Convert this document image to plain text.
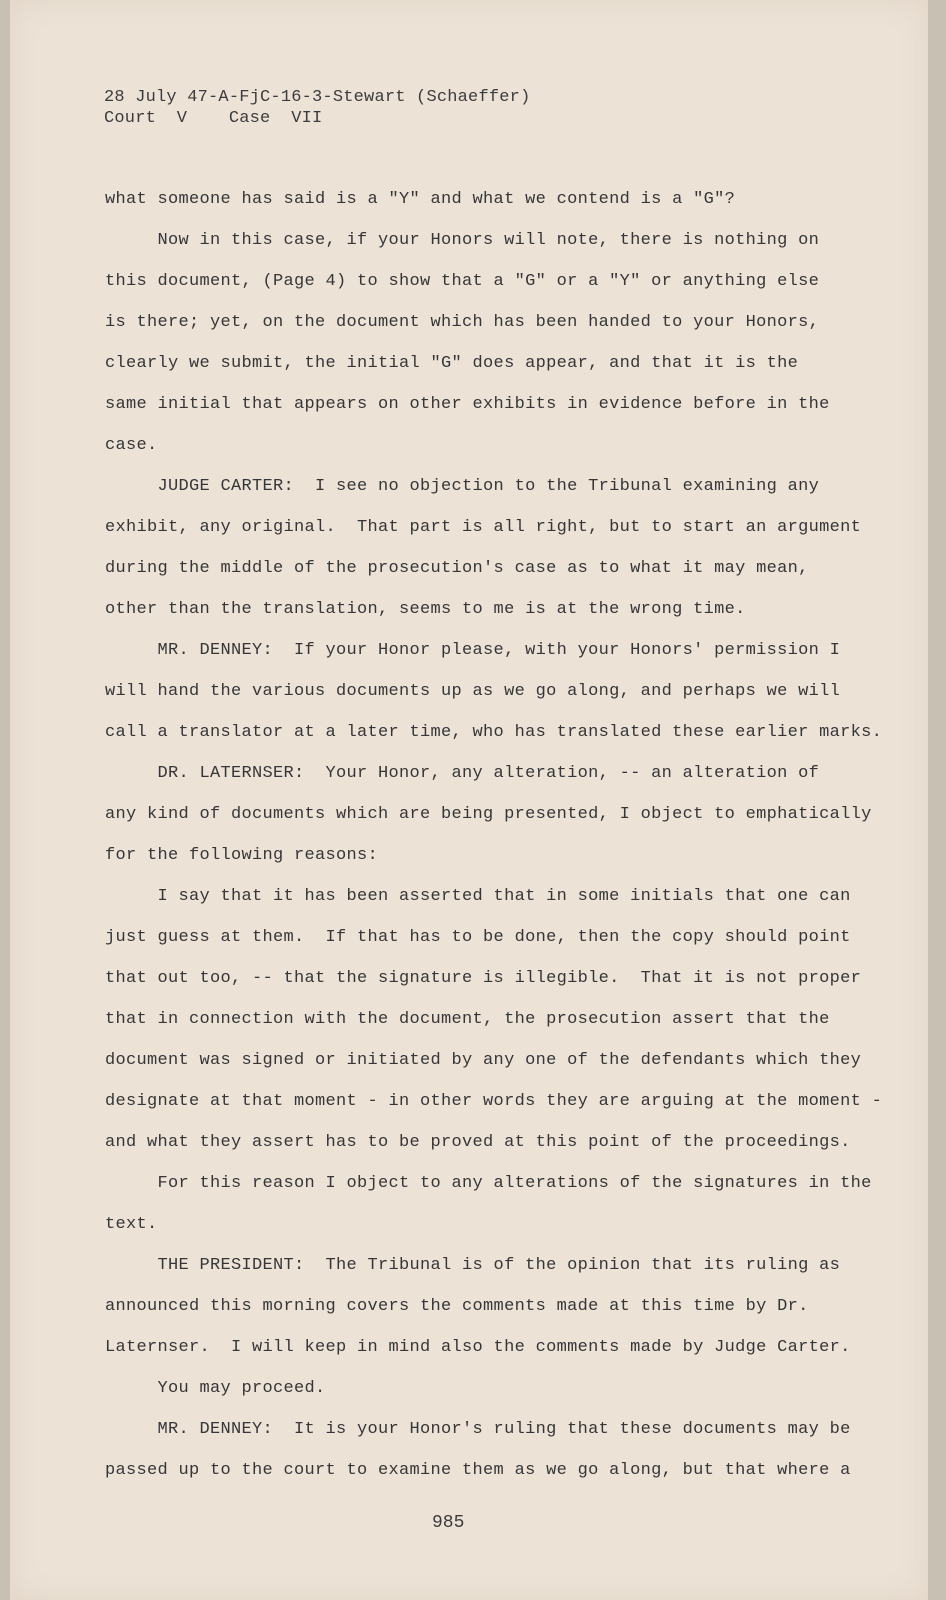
28 July 47-A-FjC-16-3-Stewart (Schaeffer)
Court  V    Case  VII
what someone has said is a "Y" and what we contend is a "G"?
Now in this case, if your Honors will note, there is nothing on
this document, (Page 4) to show that a "G" or a "Y" or anything else
is there; yet, on the document which has been handed to your Honors,
clearly we submit, the initial "G" does appear, and that it is the
same initial that appears on other exhibits in evidence before in the
case.
JUDGE CARTER:  I see no objection to the Tribunal examining any
exhibit, any original.  That part is all right, but to start an argument
during the middle of the prosecution's case as to what it may mean,
other than the translation, seems to me is at the wrong time.
MR. DENNEY:  If your Honor please, with your Honors' permission I
will hand the various documents up as we go along, and perhaps we will
call a translator at a later time, who has translated these earlier marks.
DR. LATERNSER:  Your Honor, any alteration, -- an alteration of
any kind of documents which are being presented, I object to emphatically
for the following reasons:
I say that it has been asserted that in some initials that one can
just guess at them.  If that has to be done, then the copy should point
that out too, -- that the signature is illegible.  That it is not proper
that in connection with the document, the prosecution assert that the
document was signed or initiated by any one of the defendants which they
designate at that moment - in other words they are arguing at the moment -
and what they assert has to be proved at this point of the proceedings.
For this reason I object to any alterations of the signatures in the
text.
THE PRESIDENT:  The Tribunal is of the opinion that its ruling as
announced this morning covers the comments made at this time by Dr.
Laternser.  I will keep in mind also the comments made by Judge Carter.
You may proceed.
MR. DENNEY:  It is your Honor's ruling that these documents may be
passed up to the court to examine them as we go along, but that where a
985
